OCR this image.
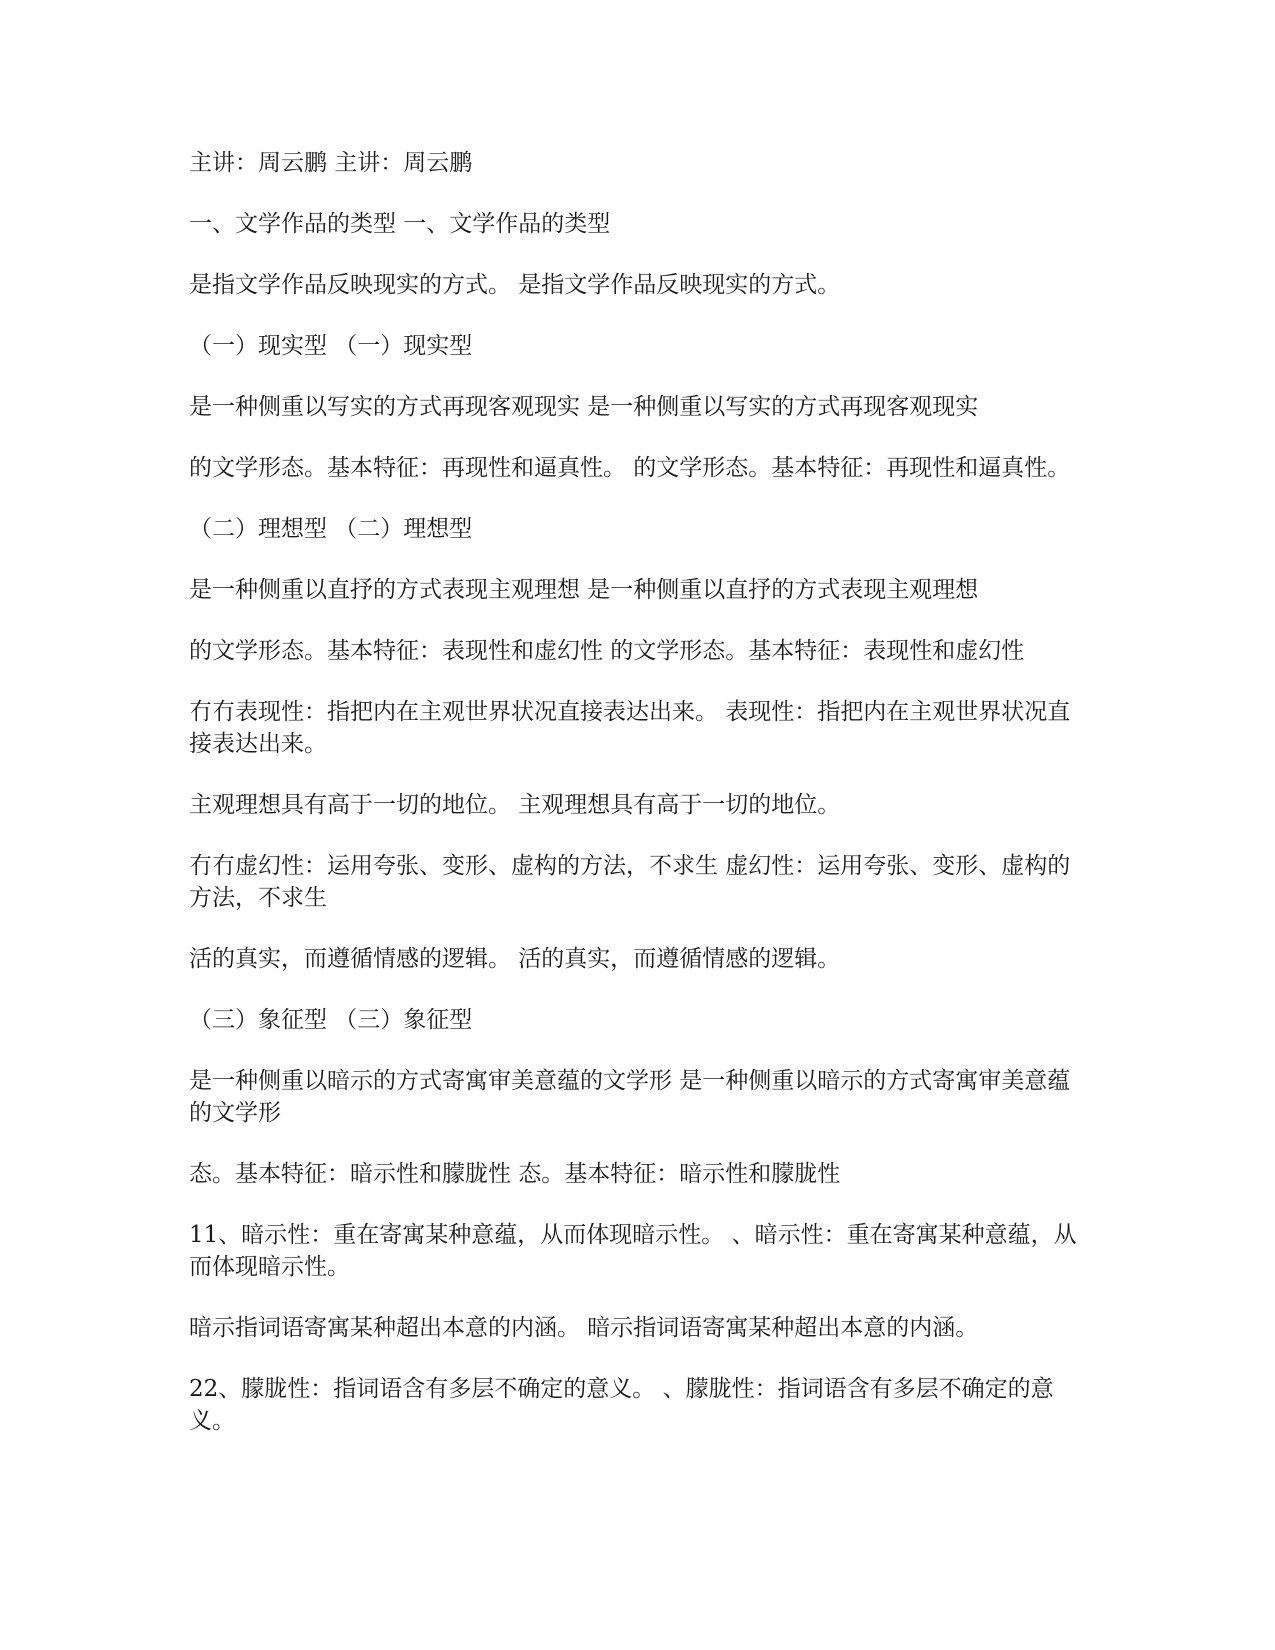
主讲：周云鹏 主讲：周云鹏

一、文学作品的类型 一、文学作品的类型

是指文学作品反映现实的方式。 是指文学作品反映现实的方式。

（一）现实型 （一）现实型

是一种侧重以写实的方式再现客观现实 是一种侧重以写实的方式再现客观现实

的文学形态。基本特征：再现性和逼真性。 的文学形态。基本特征：再现性和逼真性。

（二）理想型 （二）理想型

是一种侧重以直抒的方式表现主观理想 是一种侧重以直抒的方式表现主观理想

的文学形态。基本特征：表现性和虚幻性 的文学形态。基本特征：表现性和虚幻性

冇冇表现性：指把内在主观世界状况直接表达出来。 表现性：指把内在主观世界状况直接表达出来。

主观理想具有高于一切的地位。 主观理想具有高于一切的地位。

冇冇虚幻性：运用夸张、变形、虚构的方法，不求生 虚幻性：运用夸张、变形、虚构的方法，不求生

活的真实，而遵循情感的逻辑。 活的真实，而遵循情感的逻辑。

（三）象征型 （三）象征型

是一种侧重以暗示的方式寄寓审美意蕴的文学形 是一种侧重以暗示的方式寄寓审美意蕴的文学形

态。基本特征：暗示性和朦胧性 态。基本特征：暗示性和朦胧性

11、暗示性：重在寄寓某种意蕴，从而体现暗示性。 、暗示性：重在寄寓某种意蕴，从而体现暗示性。

暗示指词语寄寓某种超出本意的内涵。 暗示指词语寄寓某种超出本意的内涵。

22、朦胧性：指词语含有多层不确定的意义。 、朦胧性：指词语含有多层不确定的意义。
